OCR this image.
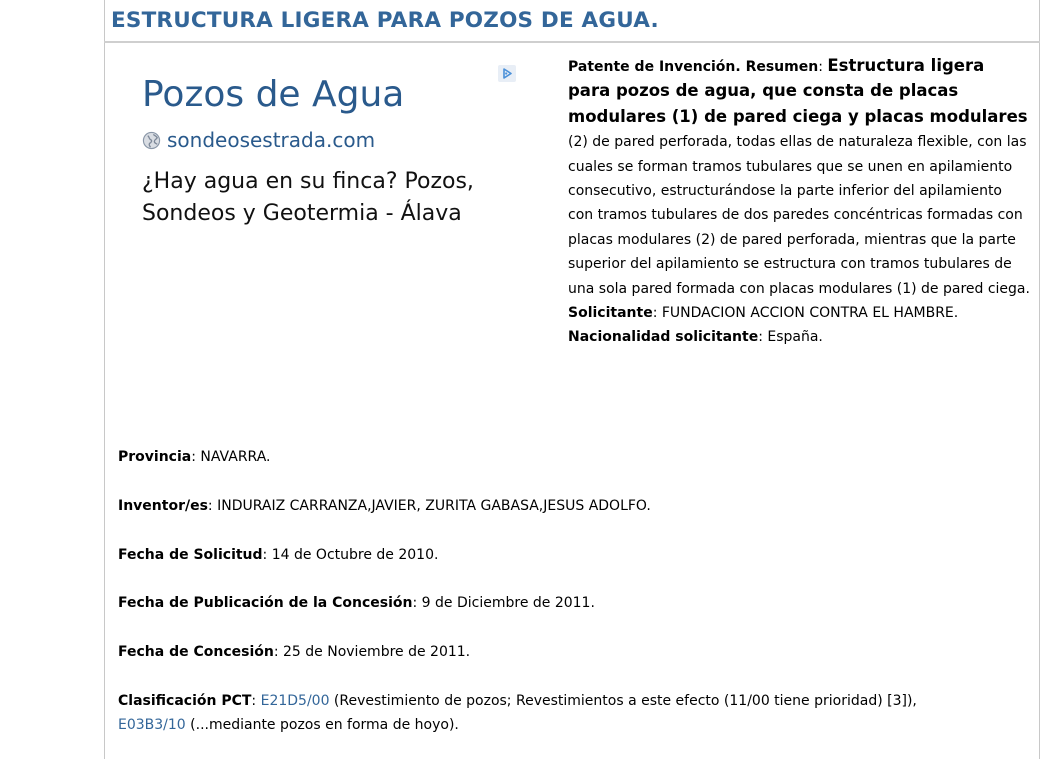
ESTRUCTURA LIGERA PARA POZOS DE AGUA.
Pozos de Agua
sondeosestrada.com
¿Hay agua en su finca? Pozos, Sondeos y Geotermia - Álava

Patente de Invención. Resumen: Estructura ligera para pozos de agua, que consta de placas modulares (1) de pared ciega y placas modulares (2) de pared perforada, todas ellas de naturaleza flexible, con las cuales se forman tramos tubulares que se unen en apilamiento consecutivo, estructurándose la parte inferior del apilamiento con tramos tubulares de dos paredes concéntricas formadas con placas modulares (2) de pared perforada, mientras que la parte superior del apilamiento se estructura con tramos tubulares de una sola pared formada con placas modulares (1) de pared ciega.

Solicitante: FUNDACION ACCION CONTRA EL HAMBRE.

Nacionalidad solicitante: España.

Provincia: NAVARRA.
Inventor/es: INDURAIZ CARRANZA,JAVIER, ZURITA GABASA,JESUS ADOLFO.
Fecha de Solicitud: 14 de Octubre de 2010.
Fecha de Publicación de la Concesión: 9 de Diciembre de 2011.
Fecha de Concesión: 25 de Noviembre de 2011.
Clasificación PCT: E21D5/00 (Revestimiento de pozos; Revestimientos a este efecto (11/00 tiene prioridad) [3]),
E03B3/10 (...mediante pozos en forma de hoyo).
